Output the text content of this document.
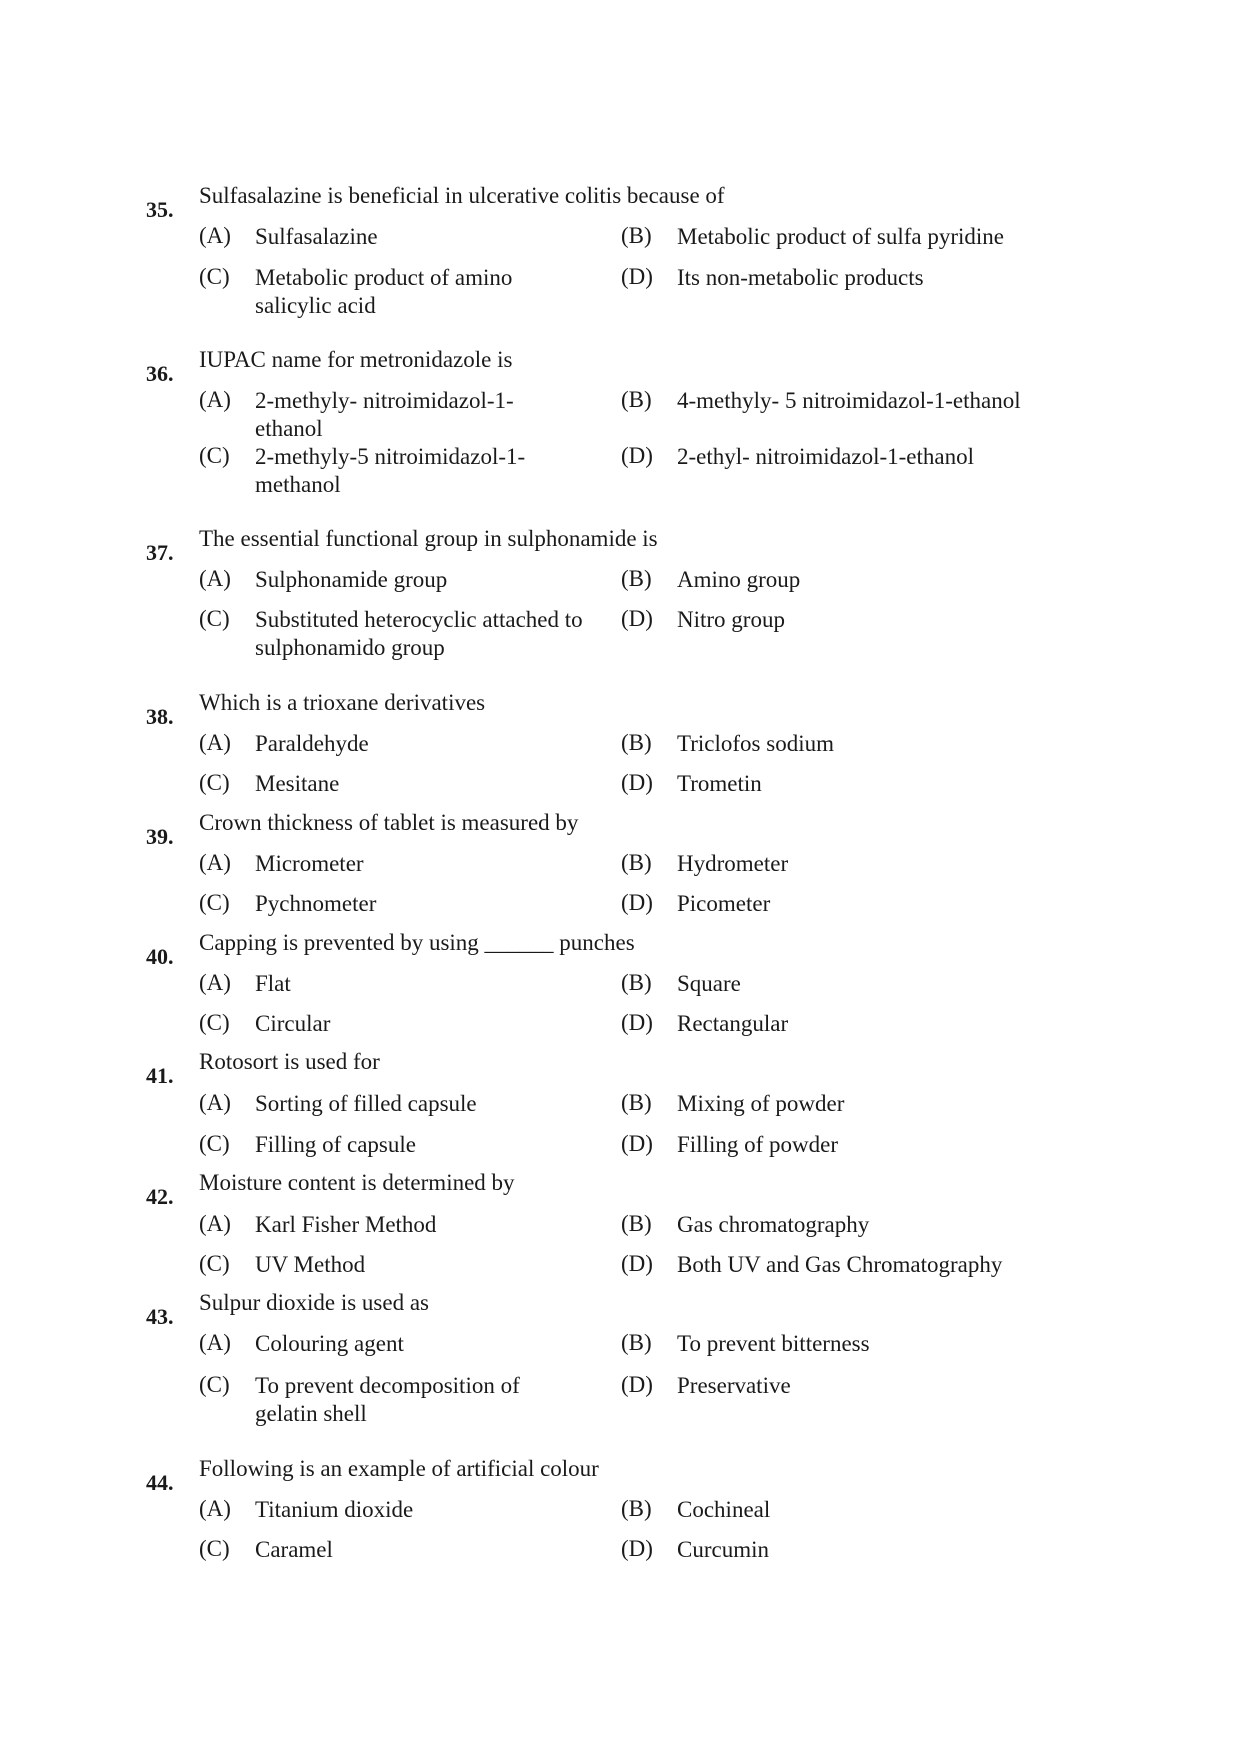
35.
Sulfasalazine is beneficial in ulcerative colitis because of
(A) Sulfasalazine	(B) Metabolic product of sulfa pyridine
(C) Metabolic product of amino salicylic acid
(D) Its non-metabolic products
36.
IUPAC name for metronidazole is
(A) 2-methyly- nitroimidazol-1-ethanol
(B) 4-methyly- 5 nitroimidazol-1-ethanol
(C) 2-methyly-5 nitroimidazol-1-methanol
(D) 2-ethyl- nitroimidazol-1-ethanol
37.
The essential functional group in sulphonamide is
(A) Sulphonamide group	(B) Amino group
(C) Substituted heterocyclic attached to sulphonamido group
(D) Nitro group
38.
Which is a trioxane derivatives
(A) Paraldehyde	(B) Triclofos sodium
(C) Mesitane	(D) Trometin
39.
Crown thickness of tablet is measured by
(A) Micrometer	(B) Hydrometer
(C) Pychnometer	(D) Picometer
40.
Capping is prevented by using ______ punches
(A) Flat	(B) Square
(C) Circular	(D) Rectangular
41.
Rotosort is used for
(A) Sorting of filled capsule	(B) Mixing of powder
(C) Filling of capsule	(D) Filling of powder
42.
Moisture content is determined by
(A) Karl Fisher Method	(B) Gas chromatography
(C) UV Method	(D) Both UV and Gas Chromatography
43.
Sulpur dioxide is used as
(A) Colouring agent	(B) To prevent bitterness
(C) To prevent decomposition of gelatin shell
(D) Preservative
44.
Following is an example of artificial colour
(A) Titanium dioxide	(B) Cochineal
(C) Caramel	(D) Curcumin
